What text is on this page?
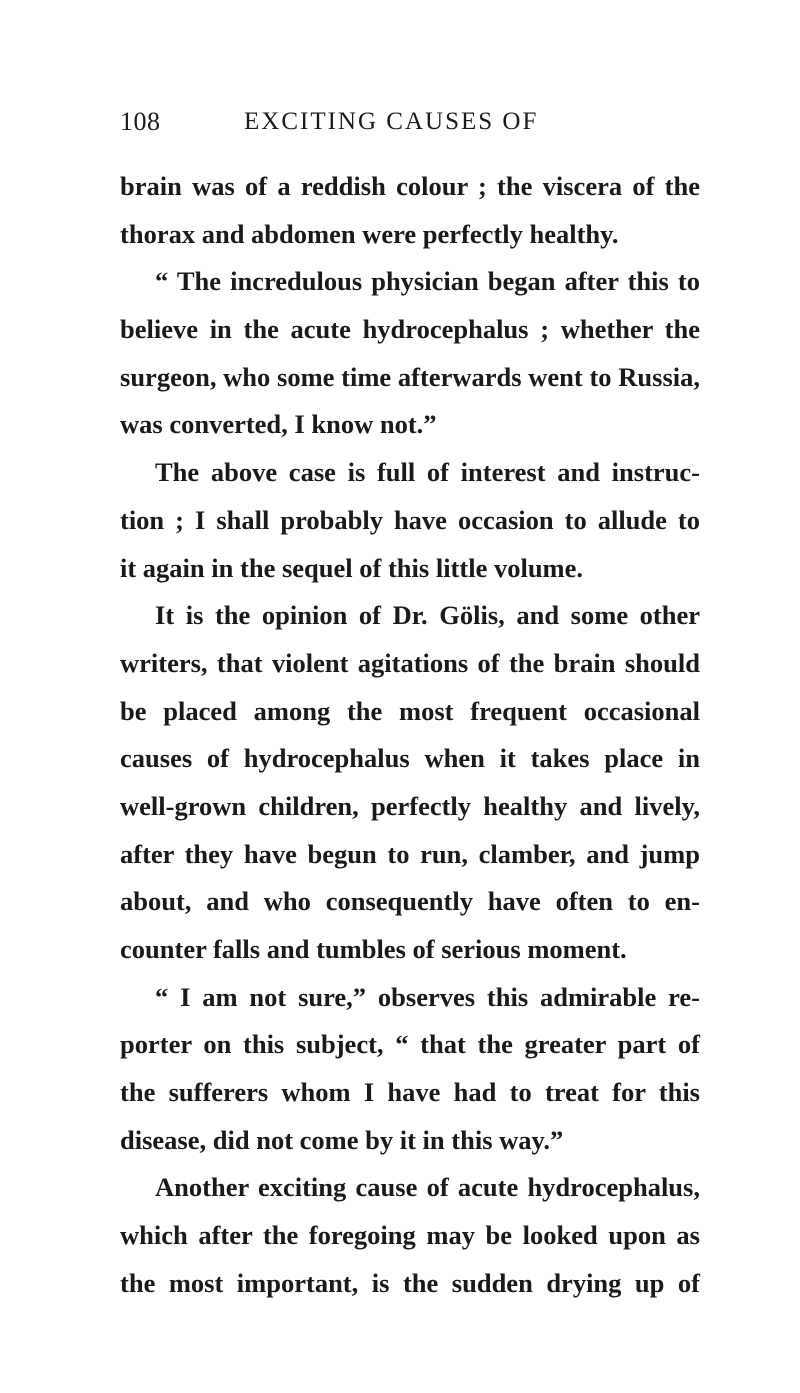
108	EXCITING CAUSES OF
brain was of a reddish colour ; the viscera of the
thorax and abdomen were perfectly healthy.
“ The incredulous physician began after this to
believe in the acute hydrocephalus ; whether the
surgeon, who some time afterwards went to Russia,
was converted, I know not.”
The above case is full of interest and instruc-
tion ; I shall probably have occasion to allude to
it again in the sequel of this little volume.
It is the opinion of Dr. Gölis, and some other
writers, that violent agitations of the brain should
be placed among the most frequent occasional
causes of hydrocephalus when it takes place in
well-grown children, perfectly healthy and lively,
after they have begun to run, clamber, and jump
about, and who consequently have often to en-
counter falls and tumbles of serious moment.
“ I am not sure,” observes this admirable re-
porter on this subject, “ that the greater part of
the sufferers whom I have had to treat for this
disease, did not come by it in this way.”
Another exciting cause of acute hydrocephalus,
which after the foregoing may be looked upon as
the most important, is the sudden drying up of
